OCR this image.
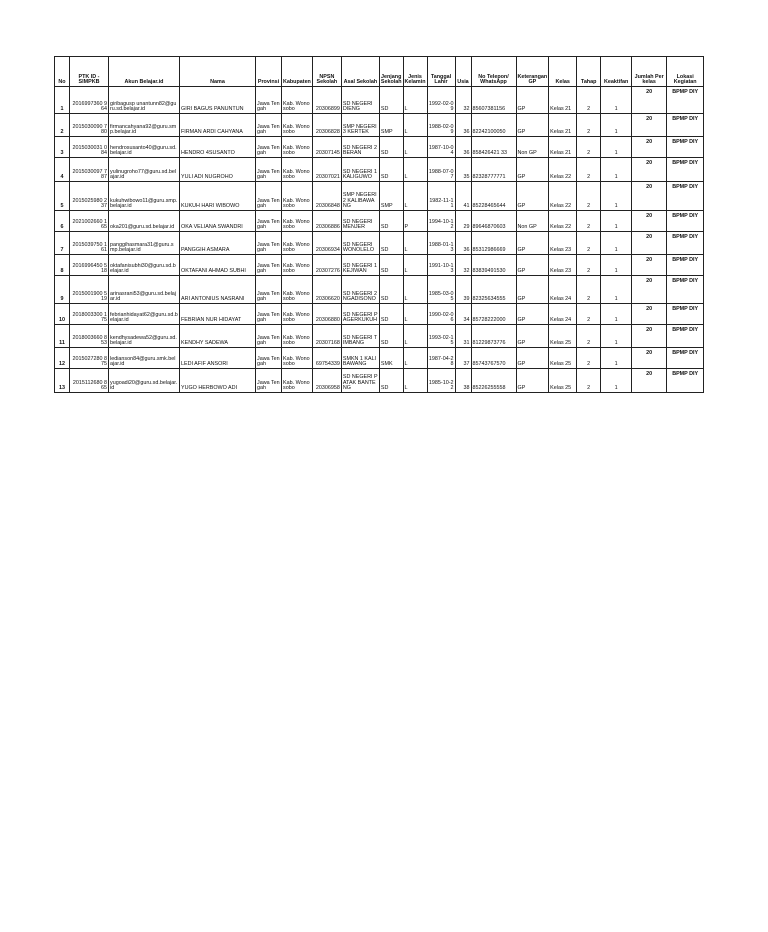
No	PTK ID - SIMPKB	Akun Belajar.id	Nama	Provinsi	Kabupaten	NPSN Sekolah	Asal Sekolah	Jenjang Sekolah	Jenis Kelamin	Tanggal Lahir	Usia	No Telepon/ WhatsApp	Keterangan GP	Kelas	Tahap	Keaktifan	Jumlah Per kelas	Lokasi Kegiatan
1	2016997360 964	giribagusp unantunn82@guru.sd.belajar.id	GIRI BAGUS PANUNTUN	Jawa Tengah	Kab. Wonosobo	20306899	SD NEGERI DIENG	SD	L	1992-02-09	32	85607381156	GP	Kelas 21	2	1	20	BPMP DIY
2	2015030090 780	firmancahyana92@guru.smp.belajar.id	FIRMAN ARDI CAHYANA	Jawa Tengah	Kab. Wonosobo	20306828	SMP NEGERI 3 KERTEK	SMP	L	1988-02-09	36	82242100050	GP	Kelas 21	2	1	20	BPMP DIY
3	2015030031 084	hendrosusanto40@guru.sd.belajar.id	HENDRO 4SUSANTO	Jawa Tengah	Kab. Wonosobo	20307145	SD NEGERI 2 BERAN	SD	L	1987-10-04	36	858426421 33	Non GP	Kelas 21	2	1	20	BPMP DIY
4	2015030097 787	yulinugroho77@guru.sd.belajar.id	YULI ADI NUGROHO	Jawa Tengah	Kab. Wonosobo	20307021	SD NEGERI 1 KALIGUWO	SD	L	1988-07-07	35	82328777771	GP	Kelas 22	2	1	20	BPMP DIY
5	2015025980 237	kukuhwibowo11@guru.smp.belajar.id	KUKUH HARI WIBOWO	Jawa Tengah	Kab. Wonosobo	20306848	SMP NEGERI 2 KALIBAWANG	SMP	L	1982-11-11	41	85228465644	GP	Kelas 22	2	1	20	BPMP DIY
6	2021002660 165	oka201@guru.sd.belajar.id	OKA VELIANA SWANDRI	Jawa Tengah	Kab. Wonosobo	20306886	SD NEGERI MENJER	SD	P	1994-10-12	29	89646870603	Non GP	Kelas 22	2	1	20	BPMP DIY
7	2015039750 161	panggihasmara31@guru.smp.belajar.id	PANGGIH ASMARA	Jawa Tengah	Kab. Wonosobo	20306934	SD NEGERI WONOLELO	SD	L	1988-01-13	36	85312986669	GP	Kelas 23	2	1	20	BPMP DIY
8	2016996450 518	oktafanisubhi30@guru.sd.belajar.id	OKTAFANI AHMAD SUBHI	Jawa Tengah	Kab. Wonosobo	20307276	SD NEGERI 1 KEJIWAN	SD	L	1991-10-13	32	83839491530	GP	Kelas 23	2	1	20	BPMP DIY
9	2015001900 519	arinasrani53@guru.sd.belajar.id	ARI ANTONIUS NASRANI	Jawa Tengah	Kab. Wonosobo	20306620	SD NEGERI 2 NGADISONO	SD	L	1985-03-05	39	82325634555	GP	Kelas 24	2	1	20	BPMP DIY
10	2018003300 175	febrianhidayat62@guru.sd.belajar.id	FEBRIAN NUR HIDAYAT	Jawa Tengah	Kab. Wonosobo	20306880	SD NEGERI PAGERKUKUH	SD	L	1990-02-06	34	85728222000	GP	Kelas 24	2	1	20	BPMP DIY
11	2018003660 853	kendhysadewa52@guru.sd.belajar.id	KENDHY SADEWA	Jawa Tengah	Kab. Wonosobo	20307168	SD NEGERI TIMBANG	SD	L	1993-02-15	31	81229873776	GP	Kelas 25	2	1	20	BPMP DIY
12	2015027280 875	ledianson84@guru.smk.belajar.id	LEDI AFIF ANSORI	Jawa Tengah	Kab. Wonosobo	69754339	SMKN 1 KALIBAWANG	SMK	L	1987-04-28	37	85743767570	GP	Kelas 25	2	1	20	BPMP DIY
13	2015112680 865	yugoadi20@guru.sd.belajar.id	YUGO HERBOWO ADI	Jawa Tengah	Kab. Wonosobo	20306958	SD NEGERI PATAK BANTENG	SD	L	1985-10-22	38	85226255558	GP	Kelas 25	2	1	20	BPMP DIY
